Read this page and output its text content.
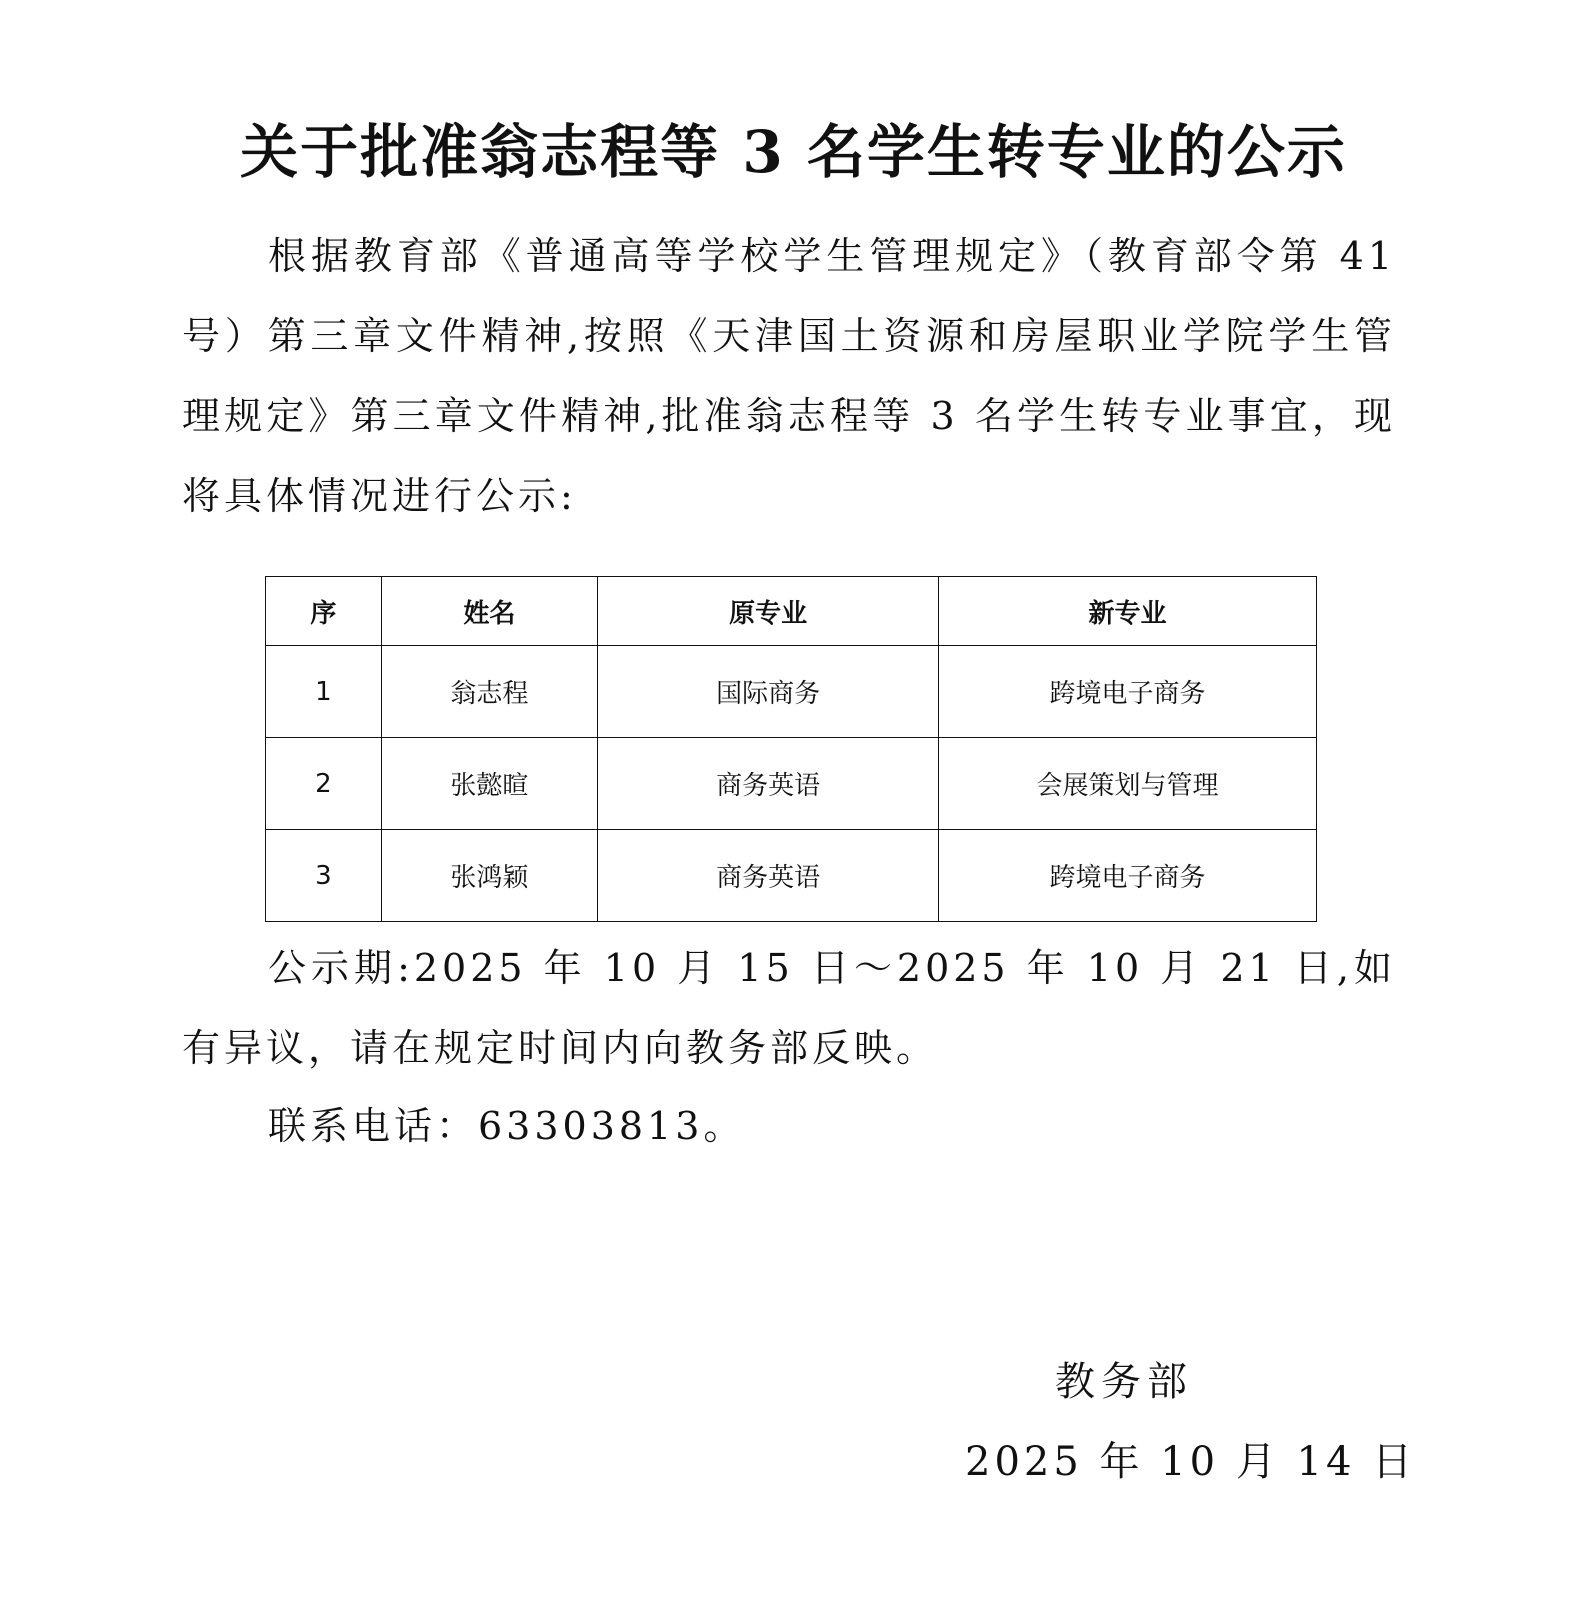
关于批准翁志程等 3 名学生转专业的公示
根据教育部《普通高等学校学生管理规定》（教育部令第 41 号）第三章文件精神,按照《天津国土资源和房屋职业学院学生管理规定》第三章文件精神,批准翁志程等 3 名学生转专业事宜，现将具体情况进行公示:
序	姓名	原专业	新专业
1	翁志程	国际商务	跨境电子商务
2	张懿暄	商务英语	会展策划与管理
3	张鸿颖	商务英语	跨境电子商务
公示期:2025 年 10 月 15 日～2025 年 10 月 21 日,如有异议，请在规定时间内向教务部反映。
联系电话：63303813。
教务部
2025 年 10 月 14 日
